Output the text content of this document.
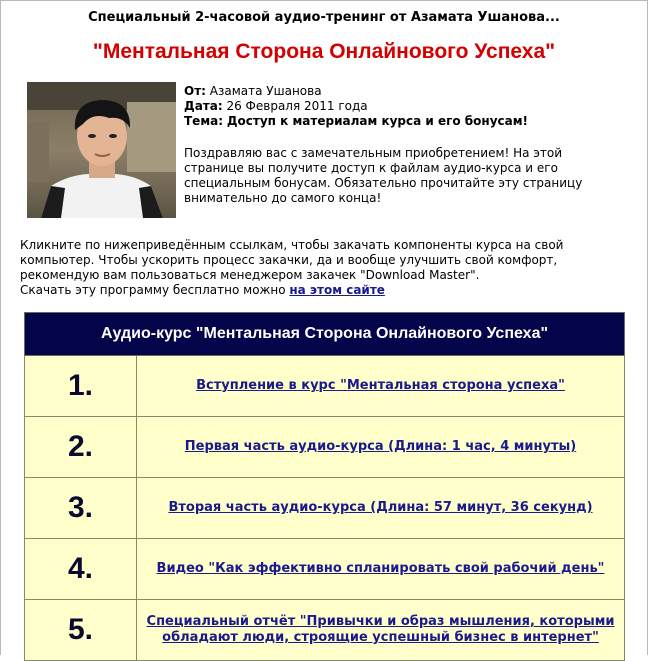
Специальный 2-часовой аудио-тренинг от Азамата Ушанова...
"Ментальная Сторона Онлайнового Успеха"
От: Азамата Ушанова
Дата: 26 Февраля 2011 года
Тема: Доступ к материалам курса и его бонусам!
Поздравляю вас с замечательным приобретением! На этой странице вы получите доступ к файлам аудио-курса и его специальным бонусам. Обязательно прочитайте эту страницу внимательно до самого конца!
Кликните по нижеприведённым ссылкам, чтобы закачать компоненты курса на свой компьютер. Чтобы ускорить процесс закачки, да и вообще улучшить свой комфорт, рекомендую вам пользоваться менеджером закачек "Download Master".
Скачать эту программу бесплатно можно на этом сайте
Аудио-курс "Ментальная Сторона Онлайнового Успеха"	
1.	Вступление в курс "Ментальная сторона успеха"
2.	Первая часть аудио-курса (Длина: 1 час, 4 минуты)
3.	Вторая часть аудио-курса (Длина: 57 минут, 36 секунд)
4.	Видео "Как эффективно спланировать свой рабочий день"
5.	Специальный отчёт "Привычки и образ мышления, которыми обладают люди, строящие успешный бизнес в интернет"
